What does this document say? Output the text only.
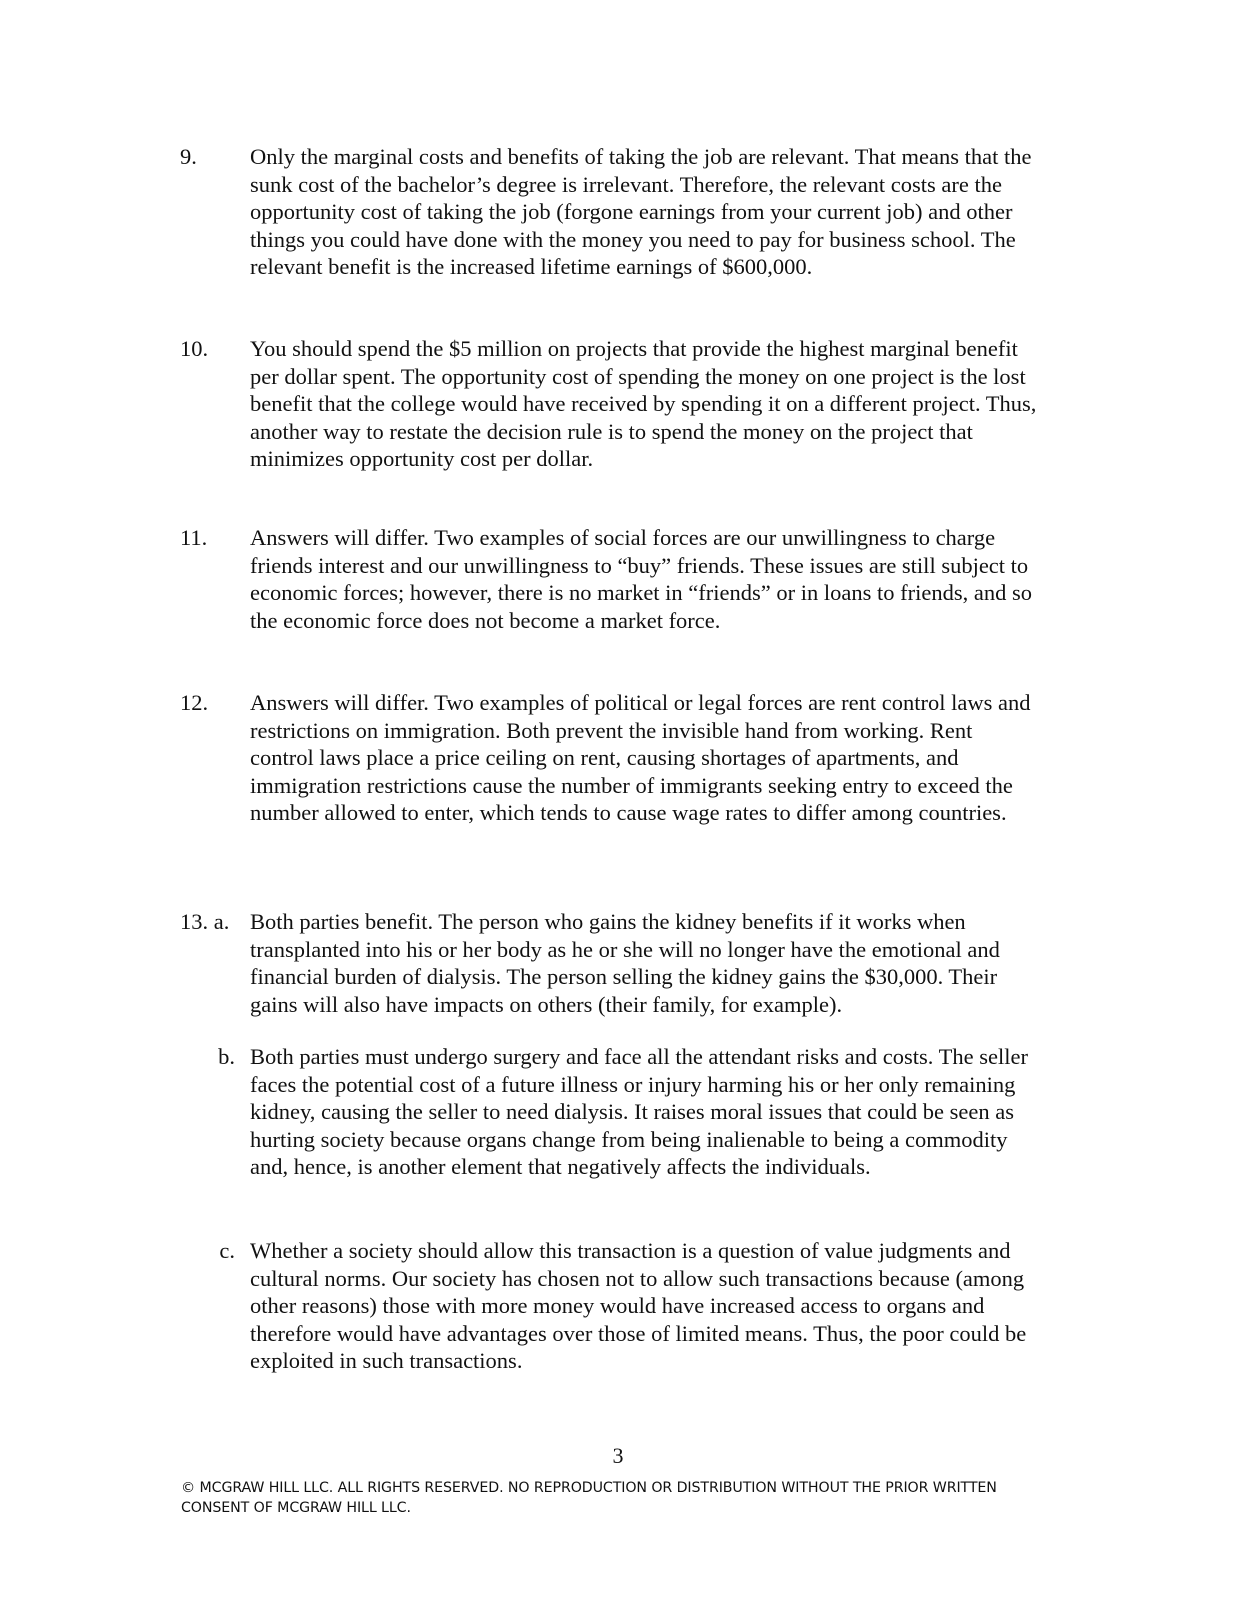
9.	Only the marginal costs and benefits of taking the job are relevant. That means that the sunk cost of the bachelor’s degree is irrelevant. Therefore, the relevant costs are the opportunity cost of taking the job (forgone earnings from your current job) and other things you could have done with the money you need to pay for business school. The relevant benefit is the increased lifetime earnings of $600,000.
10.	You should spend the $5 million on projects that provide the highest marginal benefit per dollar spent. The opportunity cost of spending the money on one project is the lost benefit that the college would have received by spending it on a different project. Thus, another way to restate the decision rule is to spend the money on the project that minimizes opportunity cost per dollar.
11.	Answers will differ. Two examples of social forces are our unwillingness to charge friends interest and our unwillingness to “buy” friends. These issues are still subject to economic forces; however, there is no market in “friends” or in loans to friends, and so the economic force does not become a market force.
12.	Answers will differ. Two examples of political or legal forces are rent control laws and restrictions on immigration. Both prevent the invisible hand from working. Rent control laws place a price ceiling on rent, causing shortages of apartments, and immigration restrictions cause the number of immigrants seeking entry to exceed the number allowed to enter, which tends to cause wage rates to differ among countries.
13. a. Both parties benefit. The person who gains the kidney benefits if it works when transplanted into his or her body as he or she will no longer have the emotional and financial burden of dialysis. The person selling the kidney gains the $30,000. Their gains will also have impacts on others (their family, for example).
b. Both parties must undergo surgery and face all the attendant risks and costs. The seller faces the potential cost of a future illness or injury harming his or her only remaining kidney, causing the seller to need dialysis. It raises moral issues that could be seen as hurting society because organs change from being inalienable to being a commodity and, hence, is another element that negatively affects the individuals.
c. Whether a society should allow this transaction is a question of value judgments and cultural norms. Our society has chosen not to allow such transactions because (among other reasons) those with more money would have increased access to organs and therefore would have advantages over those of limited means. Thus, the poor could be exploited in such transactions.
3
© MCGRAW HILL LLC. ALL RIGHTS RESERVED. NO REPRODUCTION OR DISTRIBUTION WITHOUT THE PRIOR WRITTEN CONSENT OF MCGRAW HILL LLC.
